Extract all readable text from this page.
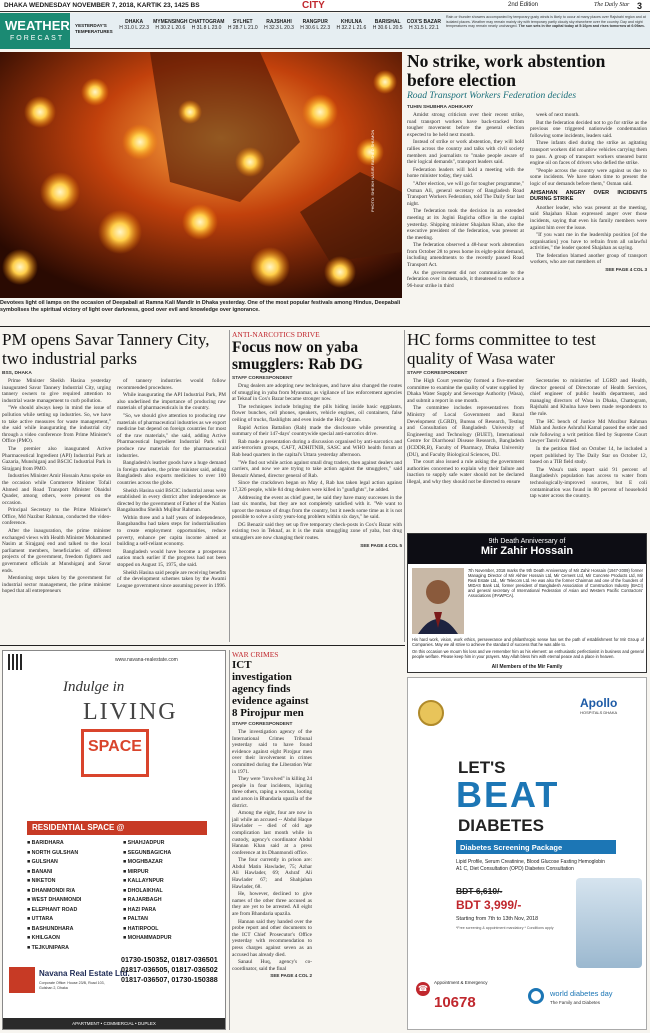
DHAKA WEDNESDAY NOVEMBER 7, 2018, KARTIK 23, 1425 BS	CITY	2nd Edition	The Daily Star 3
WEATHER
FORECAST
YESTERDAY'S TEMPERATURES
DHAKA
H 31.0 L 22.3
MYMENSINGH
H 30.2 L 20.6
CHATTOGRAM
H 31.8 L 23.0
SYLHET
H 28.7 L 21.0
RAJSHAHI
H 32.3 L 20.3
RANGPUR
H 30.6 L 22.3
KHULNA
H 32.2 L 21.6
BARISHAL
H 30.6 L 20.5
COX'S BAZAR
H 31.5 L 22.1
Rain or thunder showers accompanied by temporary gusty winds is likely to occur at many places over Rajshahi region and at isolated places. Weather may remain mainly dry with temporary partly cloudy sky elsewhere over the country. Day and night temperatures may remain nearly unchanged. The sun sets in the capital today at 5:16pm and rises tomorrow at 6:09am.
PHOTO: SHEIKH NASIR/ RASHED SHUMON
Devotees light oil lamps on the occasion of Deepabali at Ramna Kali Mandir in Dhaka yesterday. One of the most popular festivals among Hindus, Deepabali symbolises the spiritual victory of light over darkness, good over evil and knowledge over ignorance.
No strike, work abstention before election
Road Transport Workers Federation decides
TUHIN SHUBHRA ADHIKARY

Amidst strong criticism over their recent strike, road transport workers have back-tracked from tougher movement before the general election expected to be held next month.

Instead of strike or work abstention, they will hold rallies across the country and talks with civil society members and journalists to "make people aware of their logical demands", transport leaders said.

Federation leaders will hold a meeting with the home minister today, they said.

"After election, we will go for tougher programme," Osman Ali, general secretary of Bangladesh Road Transport Workers Federation, told The Daily Star last night.

The federation took the decision in an extended meeting at its Jogini Bagicha office in the capital yesterday. Shipping minister Shajahan Khan, also the executive president of the federation, was present at the meeting.

The federation observed a 48-hour work abstention from October 28 to press home its eight-point demand, including amendments to the recently passed Road Transport Act.

As the government did not communicate to the federation over its demands, it threatened to enforce a 96-hour strike in third

week of next month.

But the federation decided not to go for strike as the previous one triggered nationwide condemnation following some incidents, leaders said.

Three infants died during the strike as agitating transport workers did not allow vehicles carrying them to pass. A group of transport workers smeared burnt engine oil on faces of drivers who defied the strike.

"People across the country were against us due to some incidents. We have taken time to present the logic of our demands before them," Osman said.

AHSAHAN ANGRY OVER INCIDENTS DURING STRIKE

Another leader, who was present at the meeting, said Shajahan Khan expressed anger over those incidents, saying that even his family members were against him over the issue.

"If you want me in the leadership position [of the organisation] you have to refrain from all unlawful activities," the leader quoted Shajahan as saying.

The federation blamed another group of transport workers, who are not members of

SEE PAGE 4 COL 3
PM opens Savar Tannery City, two industrial parks
BSS, DHAKA

Prime Minister Sheikh Hasina yesterday inaugurated Savar Tannery Industrial City, urging tannery owners to give required attention to industrial waste management to curb pollution.

"We should always keep in mind the issue of pollution while setting up industries. So, we have to take active measures for waste management," she said while inaugurating the industrial city through a video conference from Prime Minister's Office (PMO).

The premier also inaugurated Active Pharmaceutical Ingredient (API) Industrial Park at Gazaria, Munshiganj and BSCIC Industrial Park in Sirajganj from PMO.

Industries Minister Amir Hossain Amu spoke on the occasion while Commerce Minister Tofail Ahmed and Road Transport Minister Obaidul Quader, among others, were present on the occasion.

Principal Secretary to the Prime Minister's Office, Md Nazibur Rahman, conducted the video-conference.

After the inauguration, the prime minister exchanged views with Health Minister Mohammed Nasim at Sirajganj end and talked to the local parliament members, beneficiaries of different projects of the government, freedom fighters and government officials at Munshiganj and Savar ends.

Mentioning steps taken by the government for industrial sector management, the prime minister hoped that all entrepreneurs

of tannery industries would follow recommended procedures.

While inaugurating the API Industrial Park, PM also underlined the importance of producing raw materials of pharmaceuticals in the country.

"So, we should give attention to producing raw materials of pharmaceutical industries as we export medicine but depend on foreign countries for most of the raw materials," she said, adding Active Pharmaceutical Ingredient Industrial Park will produce raw materials for the pharmaceutical industries.

Bangladesh's leather goods have a huge demand in foreign markets, the prime minister said, adding Bangladesh also exports medicines to over 100 countries across the globe.

Sheikh Hasina said BSCIC industrial areas were established in every district after independence as directed by the government of Father of the Nation Bangabandhu Sheikh Mujibur Rahman.

Within three and a half years of independence, Bangabandhu had taken steps for industrialisation to create employment opportunities, reduce poverty, enhance per capita income aimed at building a self-reliant economy.

Bangladesh would have become a prosperous nation much earlier if the progress had not been stopped on August 15, 1975, she said.

Sheikh Hasina said people are receiving benefits of the development schemes taken by the Awami League government since assuming power in 1996.

ANTI-NARCOTICS DRIVE
Focus now on yaba smugglers: Rab DG
STAFF CORRESPONDENT

Drug dealers are adopting new techniques, and have also changed the routes of smuggling in yaba from Myanmar, as vigilance of law enforcement agencies at Teknaf in Cox's Bazar became stronger now.

The techniques include bringing the pills hiding inside basic eggplants, flower bunches, cell phones, speakers, vehicle engines, oil containers, false ceiling of trucks, flashlights and even inside the Holy Quran.

Rapid Action Battalion (Rab) made the disclosure while presenting a summary of their 147-days' countrywide special anti-narcotics drive.

Rab made a presentation during a discussion organised by anti-narcotics and anti-terrorism groups, CAFT, ADHITNIR, SASC and WHO health forum at Rab head quarters in the capital's Uttara yesterday afternoon.

"We find out while action against small drug traders, then against dealers and carriers, and now we are trying to take action against the smugglers," said Benazir Ahmed, director general of Rab.

Since the crackdown began on May 4, Rab has taken legal action against 17,326 people, while 84 drug dealers were killed in "gunfights", he added.

Addressing the event as chief guest, he said they have many successes in the last six months, but they are not completely satisfied with it. "We want to uproot the menace of drugs from the country, but it needs some time as it is not possible to solve a sixty years-long problem within six days," he said.

DG Benazir said they set up five temporary check-posts in Cox's Bazar with existing two in Teknaf, as it is the main smuggling zone of yaba, but drug smugglers are now changing their routes.

SEE PAGE 4 COL 5
HC forms committee to test quality of Wasa water
STAFF CORRESPONDENT

The High Court yesterday formed a five-member committee to examine the quality of water supplied by Dhaka Water Supply and Sewerage Authority (Wasa), and submit a report in one month.

The committee includes representatives from Ministry of Local Government and Rural Development (LGRD), Bureau of Research, Testing and Consultation of Bangladesh University of Engineering and Technology (BUET), International Centre for Diarrhoeal Disease Research, Bangladesh (ICDDR,B), Faculty of Pharmacy, Dhaka University (DU), and Faculty Biological Sciences, DU.

The court also issued a rule asking the government authorities concerned to explain why their failure and inaction to supply safe water should not be declared illegal, and why they should not be directed to ensure

Secretaries to ministries of LGRD and Health, director general of Directorate of Health Services, chief engineer of public health department, and managing directors of Wasa in Dhaka, Chattogram, Rajshahi and Khulna have been made respondents to the rule.

The HC bench of Justice Md Mozibur Rahman Miah and Justice Ashraful Kamal passed the order and rule following a writ petition filed by Supreme Court lawyer Tanvir Ahmed.

In the petition filed on October 14, he included a report published by The Daily Star on October 12, based on a TIB field study.

The Wasa's tank report said 91 percent of Bangladesh's population has access to water from technologically-improved sources, but E coli contamination was found in 80 percent of household tap water across the country.

9th Death Anniversary of
Mir Zahir Hossain
7th November, 2018 marks the 9th Death Anniversary of Mir Zahir Hossain (1947-2009) former Managing Director of Mir Akhter Hossain Ltd, Mir Cement Ltd, Mir Concrete Products Ltd, Mir Real Estate Ltd., Mir Telecom Ltd. He was also the former Chairman and one of the founders of MIDAS Bank Ltd, former president of Bangladesh Association of Construction Industry (BACI) and general secretary of International Federation of Asian and Western Pacific Contractors' Associations (IFAWPCA).
His hard work, vision, work ethics, perseverance and philanthropic sense has set the path of establishment for Mir Group of Companies. May we all strive to achieve the standard of success that he was able to.
On this occasion we mourn his loss and we remember him as his element: an enthusiastic perfectionist in business and general people welfare. Please keep him in your prayers. May Allah bless him with eternal peace and a place in heaven.
All Members of the Mir Family
www.navana-realestate.com
Indulge in
LIVING
SPACE
RESIDENTIAL SPACE @
■ BARIDHARA
■ NORTH GULSHAN
■ GULSHAN
■ BANANI
■ NIKETON
■ DHANMONDI R/A
■ WEST DHANMONDI
■ ELEPHANT ROAD
■ UTTARA
■ BASHUNDHARA
■ KHILGAON
■ TEJKUNIPARA
■ SHAHJADPUR
■ SEGUNBAGICHA
■ MOGHBAZAR
■ MIRPUR
■ KALLAYNPUR
■ DHOLAIKHAL
■ RAJARBAGH
■ HAZI PARA
■ PALTAN
■ HATIRPOOL
■ MOHAMMADPUR
Navana Real Estate Ltd.
Corporate Office: House 23/B, Road 103, Gulshan 2, Dhaka
01730-150352, 01817-036501
01817-036505, 01817-036502
01817-036507, 01730-150388
APARTMENT • COMMERCIAL • DUPLEX
WAR CRIMES
ICT investigation agency finds evidence against 8 Pirojpur men
STAFF CORRESPONDENT

The investigation agency of the International Crimes Tribunal yesterday said to have found evidence against eight Pirojpur men over their involvement in crimes committed during the Liberation War in 1971.

They were "involved" in killing 24 people in four incidents, injuring three others, raping a woman, looting and arson in Bhandaria upazila of the district.

Among the eight, four are now in jail while an accused -- Abdul Haque Hawlader -- died of old age complication last month while in custody, agency's coordinator Abdul Hannan Khan said at a press conference at its Dhanmondi office.

The four currently in prison are: Abdul Matin Hawlader, 75; Azhar Ali Hawlader, 69; Ashraf Ali Hawlader 67; and Shahjahan Hawlader, 68.

He, however, declined to give names of the other three accused as they are yet to be arrested. All eight are from Bhandaria upazila.

Hannan said they handed over the probe report and other documents to the ICT Chief Prosecutor's Office yesterday with recommendation to press charges against seven as an accused has already died.

Sanaul Huq, agency's co-coordinator, said the final

SEE PAGE 4 COL 2
Apollo
HOSPITALS DHAKA
LET'S
BEAT
DIABETES
Diabetes Screening Package
Lipid Profile, Serum Creatinine, Blood Glucose Fasting Hemoglobin A1 C, Diet Consultation (OPD) Diabetes Consultation
BDT 6,610/-
BDT 3,999/-
Starting from 7th to 13th Nov, 2018
*Free screening & appointment mandatory * Conditions apply
☎
Appointment & Emergency
10678
world diabetes day
The Family and Diabetes
